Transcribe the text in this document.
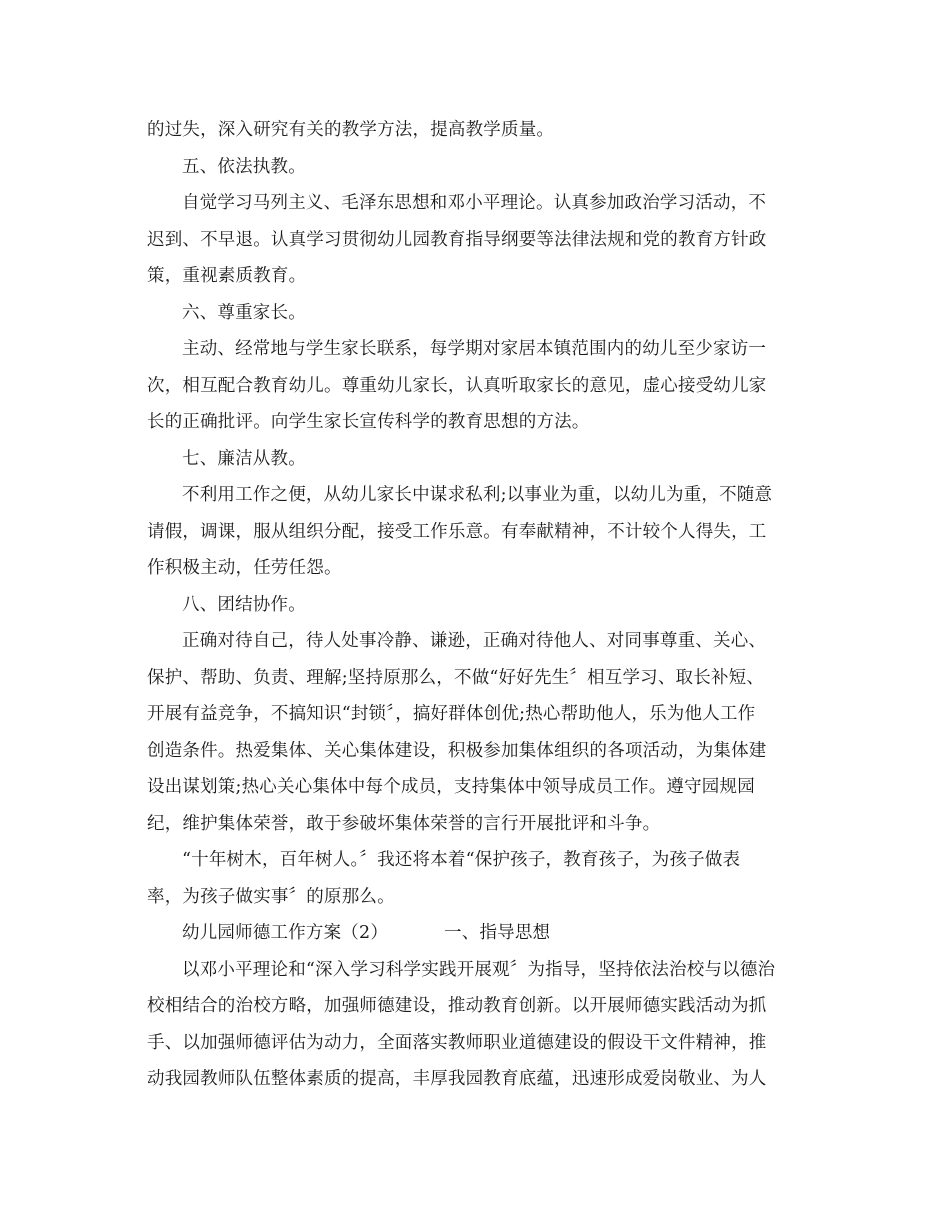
的过失，深入研究有关的教学方法，提高教学质量。
五、依法执教。
自觉学习马列主义、毛泽东思想和邓小平理论。认真参加政治学习活动，不
迟到、不早退。认真学习贯彻幼儿园教育指导纲要等法律法规和党的教育方针政
策，重视素质教育。
六、尊重家长。
主动、经常地与学生家长联系，每学期对家居本镇范围内的幼儿至少家访一
次，相互配合教育幼儿。尊重幼儿家长，认真听取家长的意见，虚心接受幼儿家
长的正确批评。向学生家长宣传科学的教育思想的方法。
七、廉洁从教。
不利用工作之便，从幼儿家长中谋求私利;以事业为重，以幼儿为重，不随意
请假，调课，服从组织分配，接受工作乐意。有奉献精神，不计较个人得失，工
作积极主动，任劳任怨。
八、团结协作。
正确对待自己，待人处事冷静、谦逊，正确对待他人、对同事尊重、关心、
保护、帮助、负责、理解;坚持原那么，不做“好好先生〞相互学习、取长补短、
开展有益竞争，不搞知识“封锁〞，搞好群体创优;热心帮助他人，乐为他人工作
创造条件。热爱集体、关心集体建设，积极参加集体组织的各项活动，为集体建
设出谋划策;热心关心集体中每个成员，支持集体中领导成员工作。遵守园规园
纪，维护集体荣誉，敢于参破坏集体荣誉的言行开展批评和斗争。
“十年树木，百年树人。〞我还将本着“保护孩子，教育孩子，为孩子做表
率，为孩子做实事〞的原那么。
幼儿园师德工作方案（2）	一、指导思想
以邓小平理论和“深入学习科学实践开展观〞为指导，坚持依法治校与以德治
校相结合的治校方略，加强师德建设，推动教育创新。以开展师德实践活动为抓
手、以加强师德评估为动力，全面落实教师职业道德建设的假设干文件精神，推
动我园教师队伍整体素质的提高，丰厚我园教育底蕴，迅速形成爱岗敬业、为人
